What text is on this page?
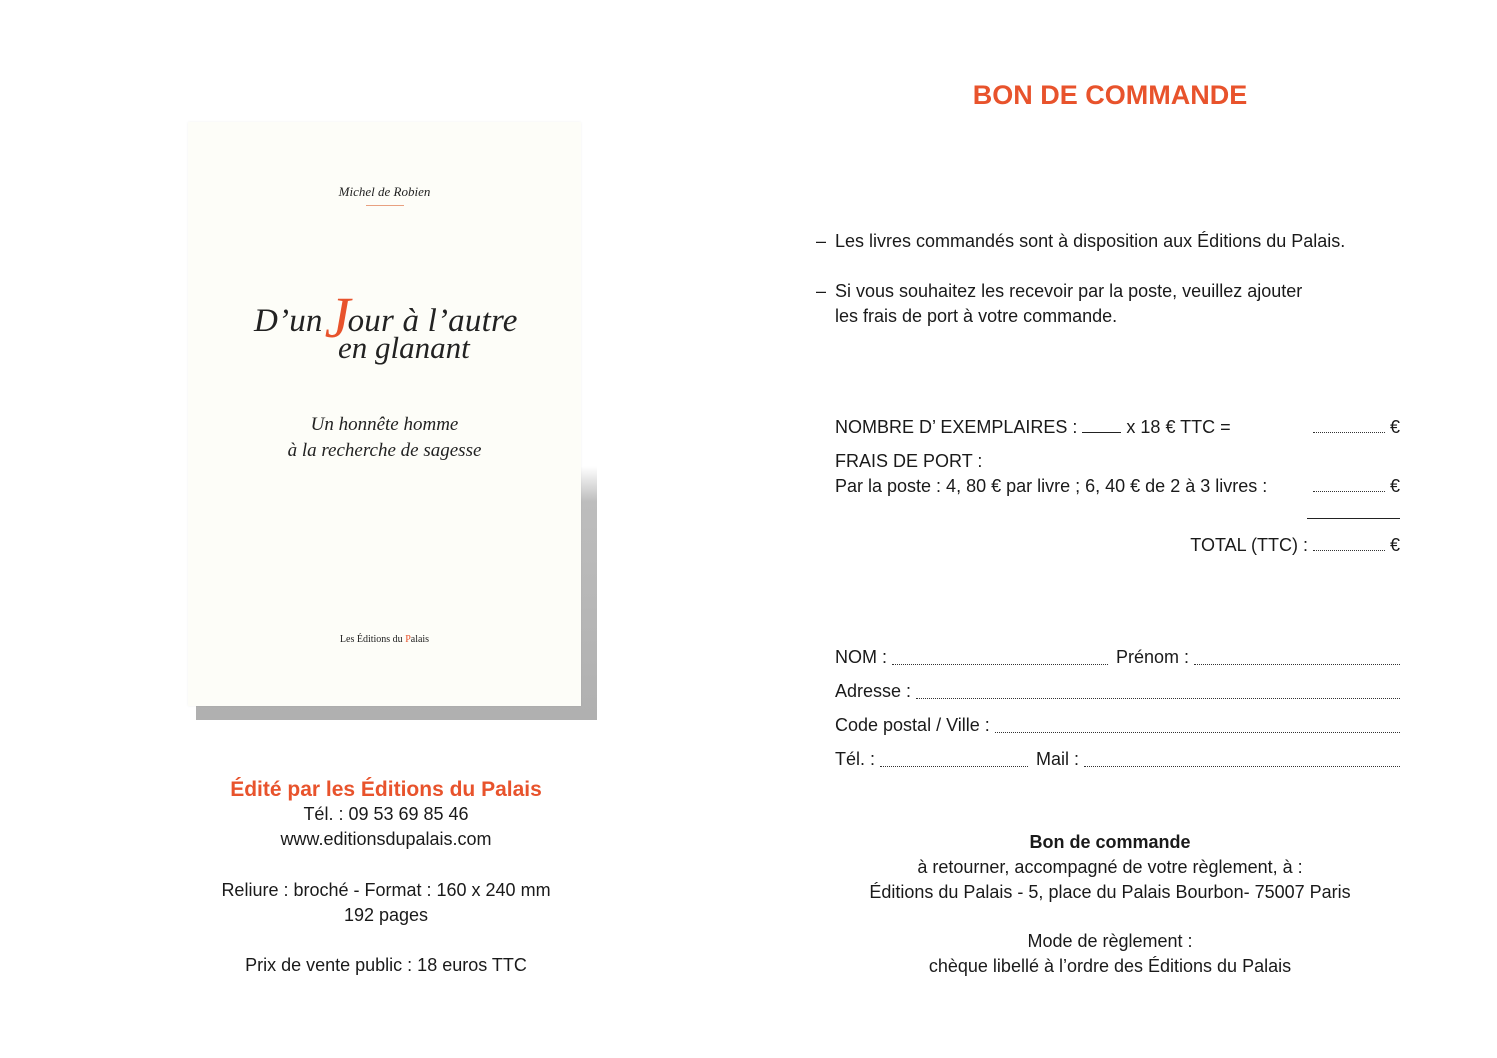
Michel de Robien
D’unJour à l’autre
en glanant
Un honnête homme
à la recherche de sagesse
Les Éditions du Palais
Édité par les Éditions du Palais
Tél. : 09 53 69 85 46
www.editionsdupalais.com
Reliure : broché - Format : 160 x 240 mm
192 pages
Prix de vente public : 18 euros TTC
BON DE COMMANDE
– Les livres commandés sont à disposition aux Éditions du Palais.
– Si vous souhaitez les recevoir par la poste, veuillez ajouter
les frais de port à votre commande.
NOMBRE D’ EXEMPLAIRES :	x 18 € TTC =	€
FRAIS DE PORT :
Par la poste : 4, 80 € par livre ; 6, 40 € de 2 à 3 livres :	€
TOTAL (TTC) :	€
NOM :	Prénom :
Adresse :
Code postal / Ville :
Tél. :	Mail :
Bon de commande
à retourner, accompagné de votre règlement, à :
Éditions du Palais - 5, place du Palais Bourbon- 75007 Paris
Mode de règlement :
chèque libellé à l’ordre des Éditions du Palais
